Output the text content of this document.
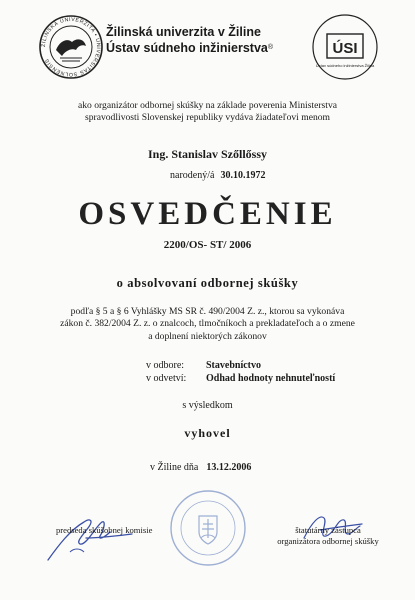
ŽILINSKÁ UNIVERZITA • UNIVERSITAS SOLNENSIS
Žilinská univerzita v Žiline
Ústav súdneho inžinierstva®	ÚSI
Ústav súdneho inžinierstva Žilina
ako organizátor odbornej skúšky na základe poverenia Ministerstva
spravodlivosti Slovenskej republiky vydáva žiadateľovi menom
Ing. Stanislav Szőllőssy
narodený/á 30.10.1972
OSVEDČENIE
2200/OS- ST/ 2006
o absolvovaní odbornej skúšky
podľa § 5 a § 6 Vyhlášky MS SR č. 490/2004 Z. z., ktorou sa vykonáva
zákon č. 382/2004 Z. z. o znalcoch, tlmočníkoch a prekladateľoch a o zmene
a doplnení niektorých zákonov
v odbore: Stavebníctvo
v odvetví: Odhad hodnoty nehnuteľností
s výsledkom
vyhovel
v Žiline dňa 13.12.2006
predseda skúšobnej komisie	štatutárny zástupca
organizátora odbornej skúšky
